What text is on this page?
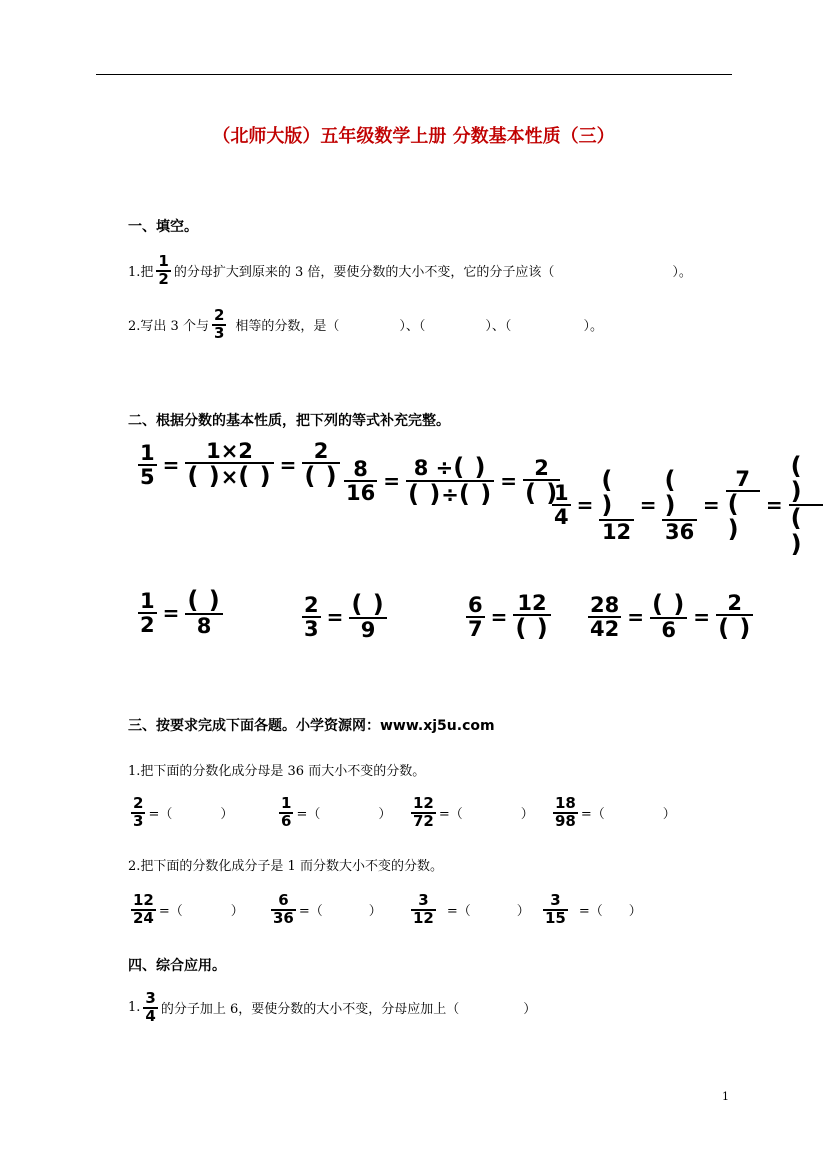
（北师大版）五年级数学上册 分数基本性质（三）
一、填空。
1.把
1
2 的分母扩大到原来的 3 倍，要使分数的大小不变，它的分子应该（	）。
2.写出 3 个与
2
3 相等的分数，是（	）、（	）、（	）。
二、根据分数的基本性质，把下列的等式补充完整。
1
5 =
1×2
( )×( ) =
2
( ) 8
16 =
8 ÷( )
( )÷( ) =
2
( )
1
4 =
( )
12
=
( )
36
=
7
( )
=
( )
( )
1
2 = ( )
8
2
3 = ( )
9
6
7 =
12
( )
28
42 = ( )
6
=
2
( )
三、按要求完成下面各题。小学资源网：www.xj5u.com
1.把下面的分数化成分母是 36 而大小不变的分数。
2
3 =（	）
1
6 =（	）
12
72 =（	）
18
98 =（	）
2.把下面的分数化成分子是 1 而分数大小不变的分数。
12
24 =（	）
6
36 =（	）
3
12 =（	）
3
15 =（ ）
四、综合应用。
1.
3
4 的分子加上 6，要使分数的大小不变，分母应加上（	）
1
